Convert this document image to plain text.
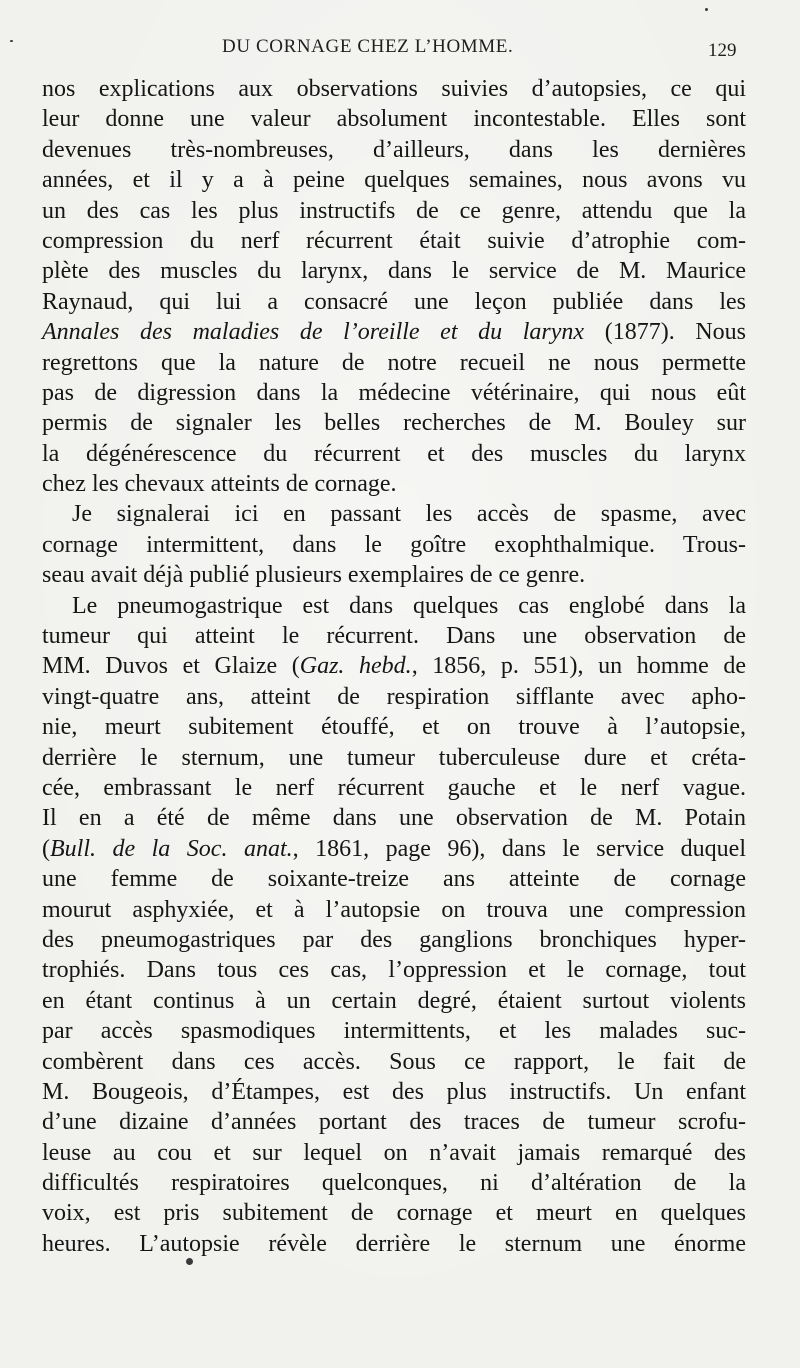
DU CORNAGE CHEZ L’HOMME.	129
nos explications aux observations suivies d’autopsies, ce qui
leur donne une valeur absolument incontestable. Elles sont
devenues très-nombreuses, d’ailleurs, dans les dernières
années, et il y a à peine quelques semaines, nous avons vu
un des cas les plus instructifs de ce genre, attendu que la
compression du nerf récurrent était suivie d’atrophie com-
plète des muscles du larynx, dans le service de M. Maurice
Raynaud, qui lui a consacré une leçon publiée dans les
Annales des maladies de l’oreille et du larynx (1877). Nous
regrettons que la nature de notre recueil ne nous permette
pas de digression dans la médecine vétérinaire, qui nous eût
permis de signaler les belles recherches de M. Bouley sur
la dégénérescence du récurrent et des muscles du larynx
chez les chevaux atteints de cornage.
Je signalerai ici en passant les accès de spasme, avec
cornage intermittent, dans le goître exophthalmique. Trous-
seau avait déjà publié plusieurs exemplaires de ce genre.
Le pneumogastrique est dans quelques cas englobé dans la
tumeur qui atteint le récurrent. Dans une observation de
MM. Duvos et Glaize (Gaz. hebd., 1856, p. 551), un homme de
vingt-quatre ans, atteint de respiration sifflante avec apho-
nie, meurt subitement étouffé, et on trouve à l’autopsie,
derrière le sternum, une tumeur tuberculeuse dure et créta-
cée, embrassant le nerf récurrent gauche et le nerf vague.
Il en a été de même dans une observation de M. Potain
(Bull. de la Soc. anat., 1861, page 96), dans le service duquel
une femme de soixante-treize ans atteinte de cornage
mourut asphyxiée, et à l’autopsie on trouva une compression
des pneumogastriques par des ganglions bronchiques hyper-
trophiés. Dans tous ces cas, l’oppression et le cornage, tout
en étant continus à un certain degré, étaient surtout violents
par accès spasmodiques intermittents, et les malades suc-
combèrent dans ces accès. Sous ce rapport, le fait de
M. Bougeois, d’Étampes, est des plus instructifs. Un enfant
d’une dizaine d’années portant des traces de tumeur scrofu-
leuse au cou et sur lequel on n’avait jamais remarqué des
difficultés respiratoires quelconques, ni d’altération de la
voix, est pris subitement de cornage et meurt en quelques
heures. L’autopsie révèle derrière le sternum une énorme
